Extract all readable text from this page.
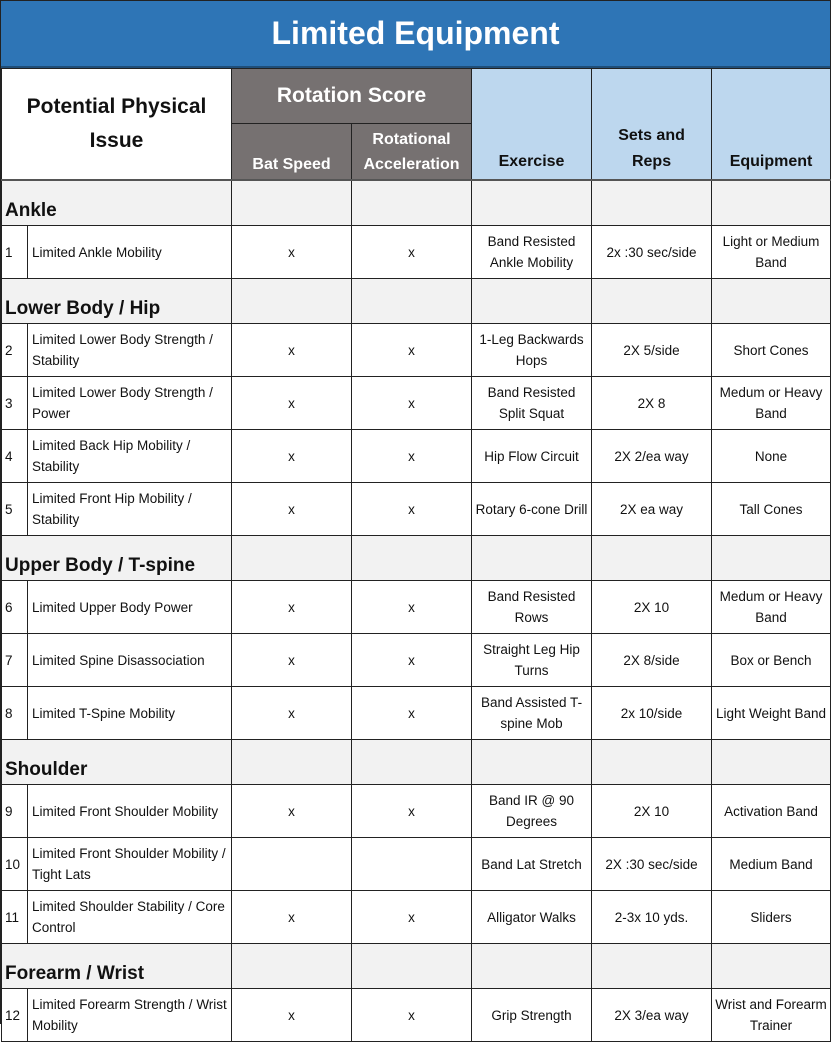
Limited Equipment
Potential Physical Issue		Rotation Score		Exercise	Sets and Reps	Equipment
		Bat Speed	Rotational Acceleration			
Ankle						
1	Limited Ankle Mobility	x	x	Band Resisted Ankle Mobility	2x :30 sec/side	Light or Medium Band
Lower Body / Hip						
2	Limited Lower Body Strength / Stability	x	x	1-Leg Backwards Hops	2X 5/side	Short Cones
3	Limited Lower Body Strength / Power	x	x	Band Resisted Split Squat	2X 8	Medum or Heavy Band
4	Limited Back Hip Mobility / Stability	x	x	Hip Flow Circuit	2X 2/ea way	None
5	Limited Front Hip Mobility / Stability	x	x	Rotary 6-cone Drill	2X ea way	Tall Cones
Upper Body / T-spine						
6	Limited Upper Body Power	x	x	Band Resisted Rows	2X 10	Medum or Heavy Band
7	Limited Spine Disassociation	x	x	Straight Leg Hip Turns	2X 8/side	Box or Bench
8	Limited T-Spine Mobility	x	x	Band Assisted T-spine Mob	2x 10/side	Light Weight Band
Shoulder						
9	Limited Front Shoulder Mobility	x	x	Band IR @ 90 Degrees	2X 10	Activation Band
10	Limited Front Shoulder Mobility / Tight Lats			Band Lat Stretch	2X :30 sec/side	Medium Band
11	Limited Shoulder Stability / Core Control	x	x	Alligator Walks	2-3x 10 yds.	Sliders
Forearm / Wrist						
12	Limited Forearm Strength / Wrist Mobility	x	x	Grip Strength	2X 3/ea way	Wrist and Forearm Trainer
